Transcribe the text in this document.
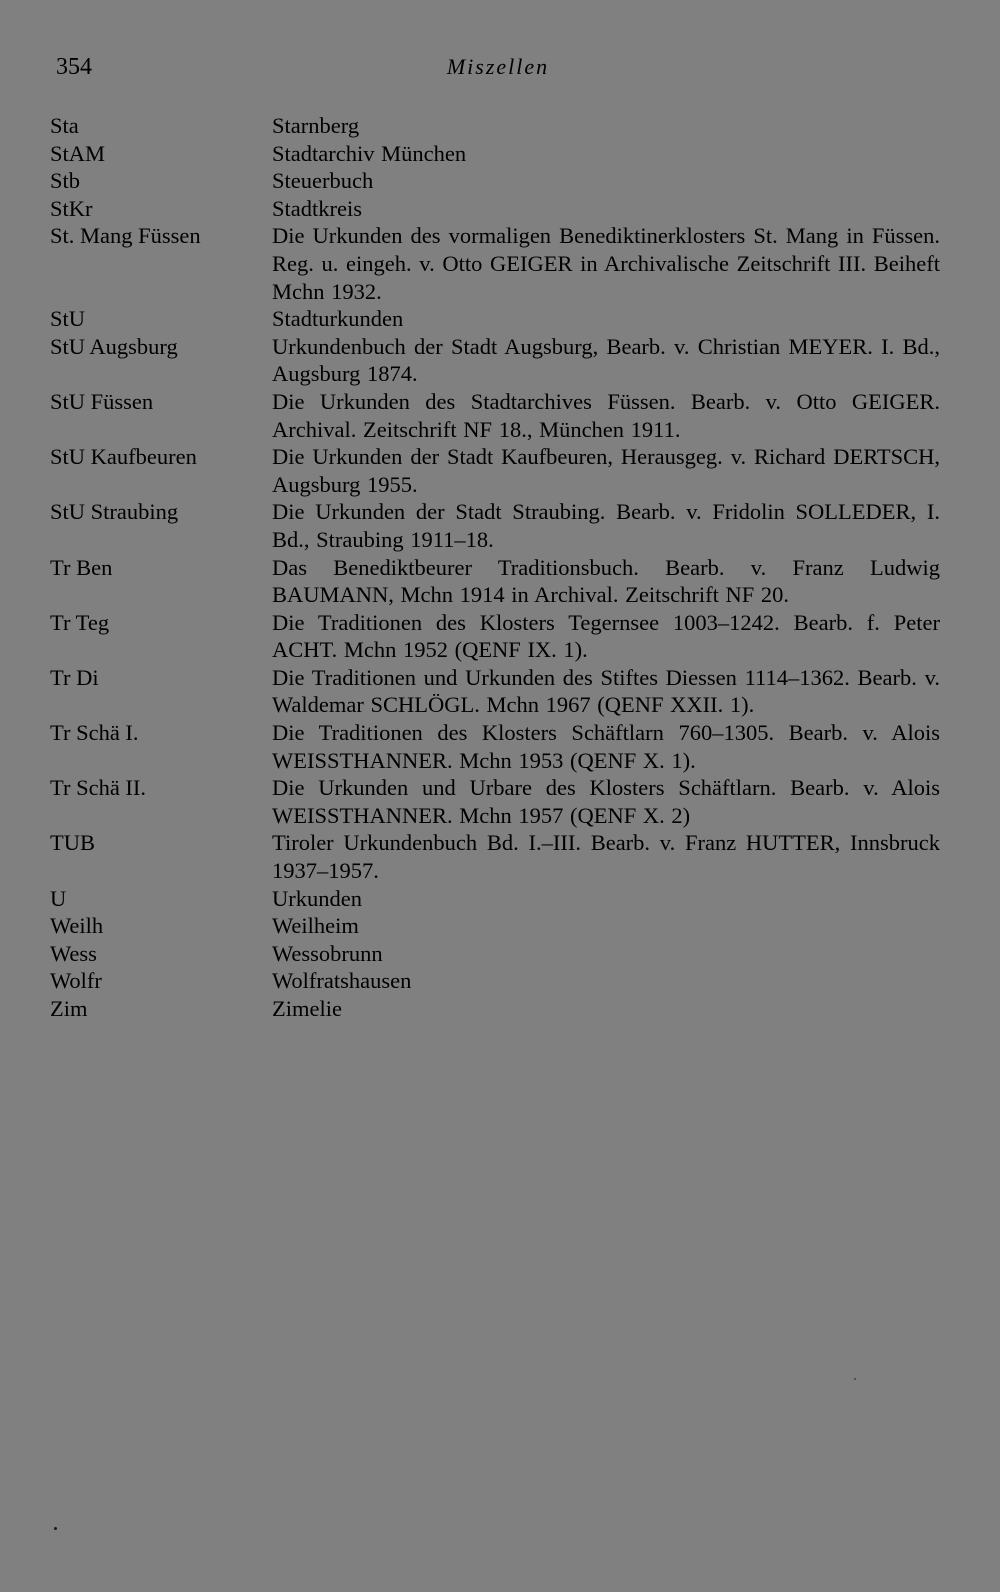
354	Miszellen
Sta	Starnberg
StAM	Stadtarchiv München
Stb	Steuerbuch
StKr	Stadtkreis
St. Mang Füssen	Die Urkunden des vormaligen Benediktinerklosters St. Mang in Füssen. Reg. u. eingeh. v. Otto GEIGER in Archivalische Zeitschrift III. Beiheft Mchn 1932.
StU	Stadturkunden
StU Augsburg	Urkundenbuch der Stadt Augsburg, Bearb. v. Christian MEYER. I. Bd., Augsburg 1874.
StU Füssen	Die Urkunden des Stadtarchives Füssen. Bearb. v. Otto GEIGER. Archival. Zeitschrift NF 18., München 1911.
StU Kaufbeuren	Die Urkunden der Stadt Kaufbeuren, Herausgeg. v. Richard DERTSCH, Augsburg 1955.
StU Straubing	Die Urkunden der Stadt Straubing. Bearb. v. Fridolin SOLLEDER, I. Bd., Straubing 1911–18.
Tr Ben	Das Benediktbeurer Traditionsbuch. Bearb. v. Franz Ludwig BAUMANN, Mchn 1914 in Archival. Zeitschrift NF 20.
Tr Teg	Die Traditionen des Klosters Tegernsee 1003–1242. Bearb. f. Peter ACHT. Mchn 1952 (QENF IX. 1).
Tr Di	Die Traditionen und Urkunden des Stiftes Diessen 1114–1362. Bearb. v. Waldemar SCHLÖGL. Mchn 1967 (QENF XXII. 1).
Tr Schä I.	Die Traditionen des Klosters Schäftlarn 760–1305. Bearb. v. Alois WEISSTHANNER. Mchn 1953 (QENF X. 1).
Tr Schä II.	Die Urkunden und Urbare des Klosters Schäftlarn. Bearb. v. Alois WEISSTHANNER. Mchn 1957 (QENF X. 2)
TUB	Tiroler Urkundenbuch Bd. I.–III. Bearb. v. Franz HUTTER, Innsbruck 1937–1957.
U	Urkunden
Weilh	Weilheim
Wess	Wessobrunn
Wolfr	Wolfratshausen
Zim	Zimelie
